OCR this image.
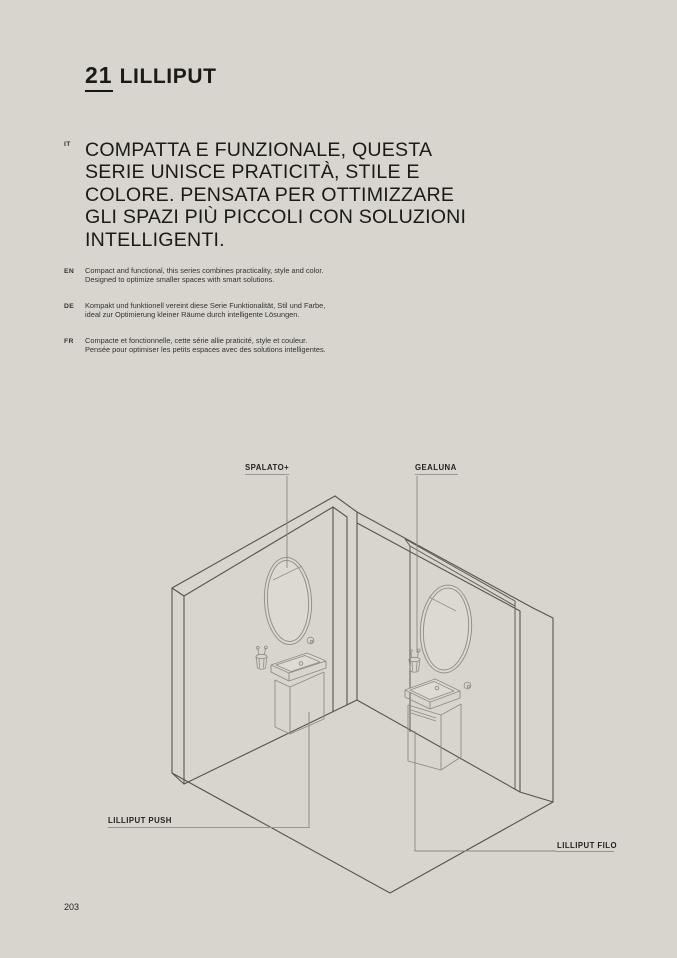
21 LILLIPUT
IT COMPATTA E FUNZIONALE, QUESTA
SERIE UNISCE PRATICITÀ, STILE E
COLORE. PENSATA PER OTTIMIZZARE
GLI SPAZI PIÙ PICCOLI CON SOLUZIONI
INTELLIGENTI.
EN Compact and functional, this series combines practicality, style and color.
Designed to optimize smaller spaces with smart solutions.
DE Kompakt und funktionell vereint diese Serie Funktionalität, Stil und Farbe,
ideal zur Optimierung kleiner Räume durch intelligente Lösungen.
FR Compacte et fonctionnelle, cette série allie praticité, style et couleur.
Pensée pour optimiser les petits espaces avec des solutions intelligentes.
SPALATO+	GEALUNA
LILLIPUT PUSH
LILLIPUT FILO
203
